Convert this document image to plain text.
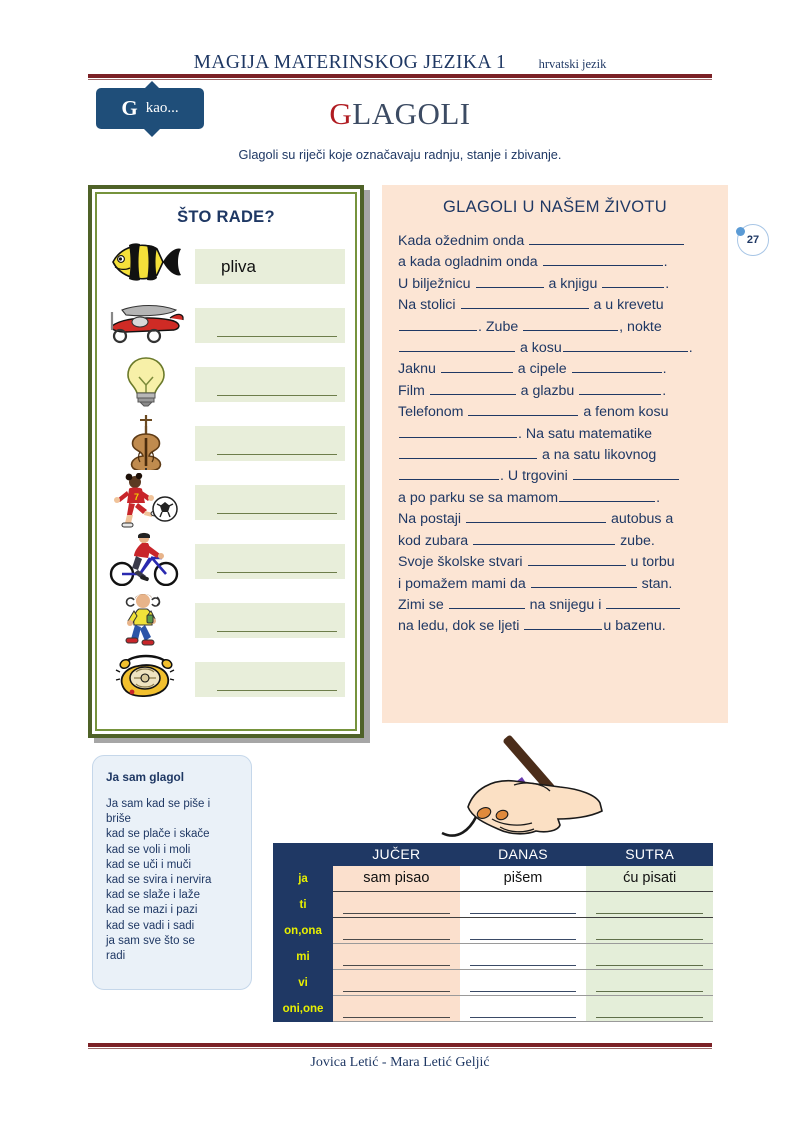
MAGIJA MATERINSKOG JEZIKA 1	hrvatski jezik
G kao...	GLAGOLI
Glagoli su riječi koje označavaju radnju, stanje i zbivanje.
27
ŠTO RADE?
pliva
7
GLAGOLI U NAŠEM ŽIVOTU
Kada ožednim onda
a kada ogladnim onda	.
U bilježnicu	a knjigu	.
Na stolici	a u krevetu
. Zube	, nokte
a kosu	.
Jaknu	a cipele	.
Film	a glazbu	.
Telefonom	a fenom kosu
. Na satu matematike
a na satu likovnog
. U trgovini
a po parku se sa mamom	.
Na postaji	autobus a
kod zubara	zube.
Svoje školske stvari	u torbu
i pomažem mami da	stan.
Zimi se	na snijegu i
na ledu, dok se ljeti	u bazenu.
Ja sam glagol
Ja sam kad se piše i
briše
kad se plače i skače
kad se voli i moli
kad se uči i muči
kad se svira i nervira
kad se slaže i laže
kad se mazi i pazi
kad se vadi i sadi
ja sam sve što se
radi
	JUČER	DANAS	SUTRA
ja	sam pisao	pišem	ću pisati
ti	

on,ona	

mi	

vi	

oni,one	

Jovica Letić - Mara Letić Geljić
